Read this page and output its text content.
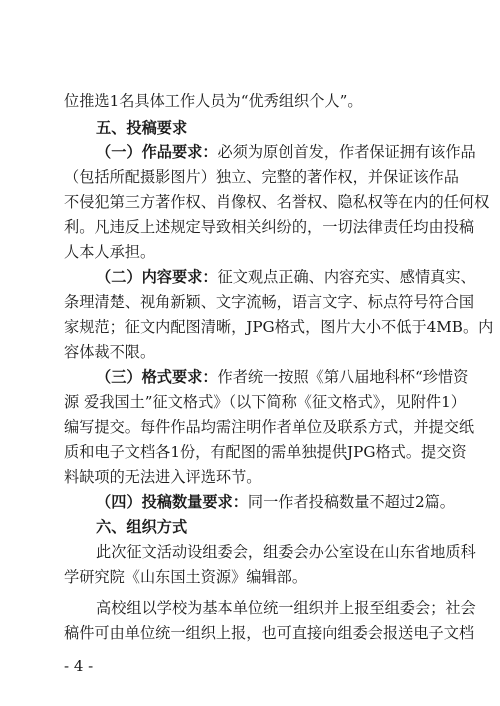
位推选1名具体工作人员为“优秀组织个人”。
五、投稿要求
（一）作品要求：必须为原创首发，作者保证拥有该作品
（包括所配摄影图片）独立、完整的著作权，并保证该作品
不侵犯第三方著作权、肖像权、名誉权、隐私权等在内的任何权
利。凡违反上述规定导致相关纠纷的，一切法律责任均由投稿
人本人承担。
（二）内容要求：征文观点正确、内容充实、感情真实、
条理清楚、视角新颖、文字流畅，语言文字、标点符号符合国
家规范；征文内配图清晰，JPG格式，图片大小不低于4MB。内
容体裁不限。
（三）格式要求：作者统一按照《第八届地科杯“珍惜资
源 爱我国土”征文格式》（以下简称《征文格式》，见附件1）
编写提交。每件作品均需注明作者单位及联系方式，并提交纸
质和电子文档各1份，有配图的需单独提供JPG格式。提交资
料缺项的无法进入评选环节。
（四）投稿数量要求：同一作者投稿数量不超过2篇。
六、组织方式
此次征文活动设组委会，组委会办公室设在山东省地质科
学研究院《山东国土资源》编辑部。
高校组以学校为基本单位统一组织并上报至组委会；社会
稿件可由单位统一组织上报，也可直接向组委会报送电子文档
- 4 -
